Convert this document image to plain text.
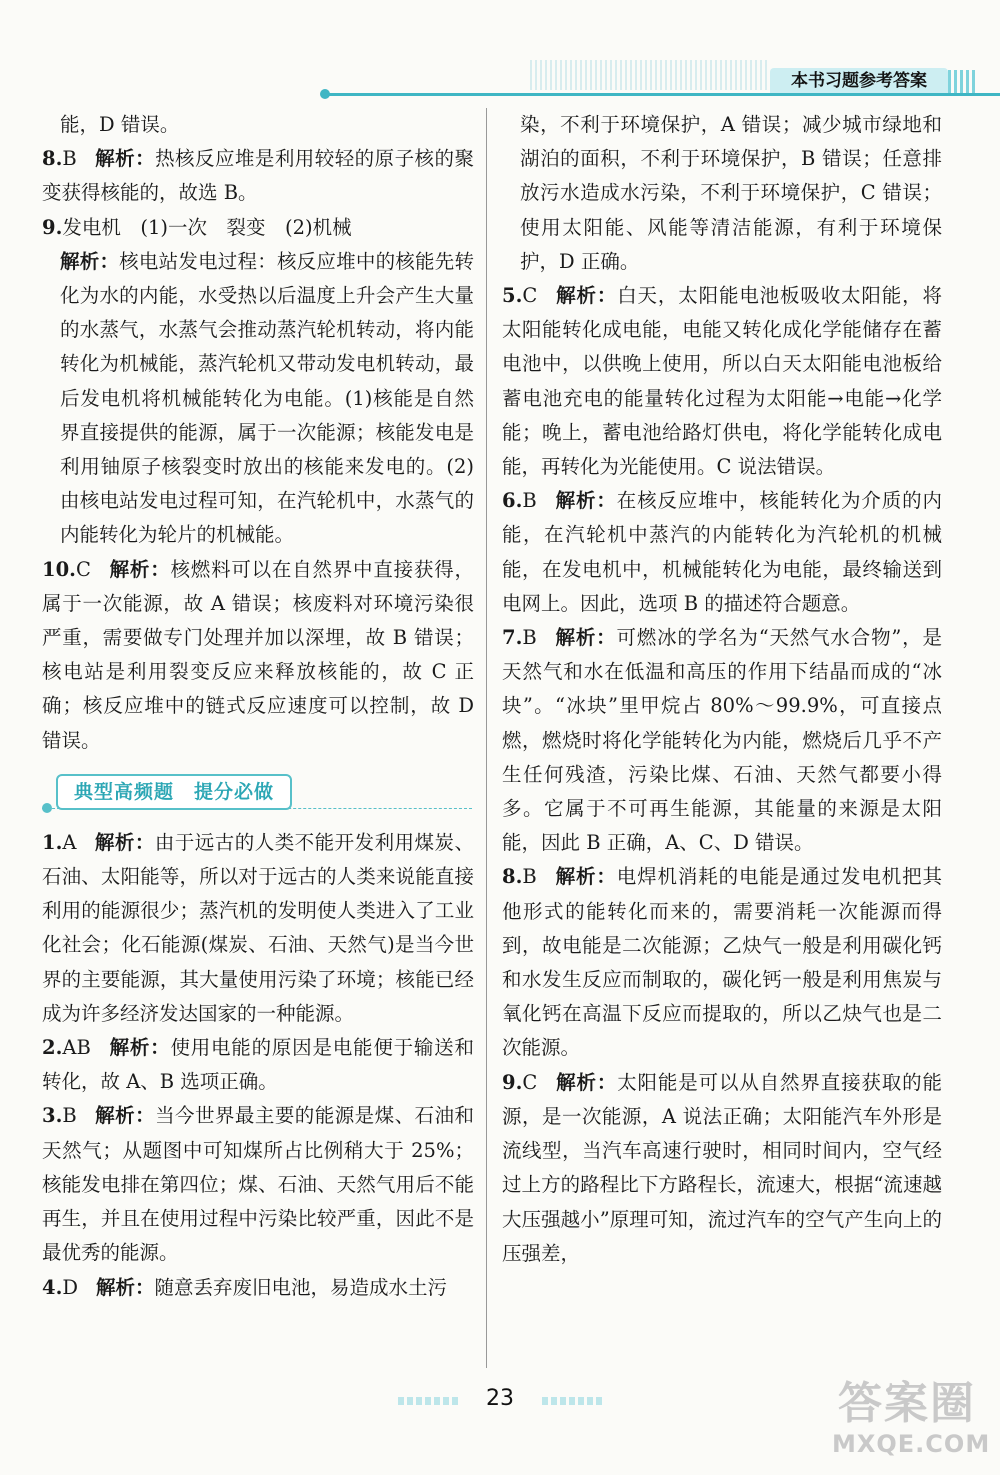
本书习题参考答案

能，D 错误。

8.B 解析：热核反应堆是利用较轻的原子核的聚变获得核能的，故选 B。

9.发电机　(1)一次　裂变　(2)机械

解析：核电站发电过程：核反应堆中的核能先转化为水的内能，水受热以后温度上升会产生大量的水蒸气，水蒸气会推动蒸汽轮机转动，将内能转化为机械能，蒸汽轮机又带动发电机转动，最后发电机将机械能转化为电能。(1)核能是自然界直接提供的能源，属于一次能源；核能发电是利用铀原子核裂变时放出的核能来发电的。(2)由核电站发电过程可知，在汽轮机中，水蒸气的内能转化为轮片的机械能。

10.C 解析：核燃料可以在自然界中直接获得，属于一次能源，故 A 错误；核废料对环境污染很严重，需要做专门处理并加以深埋，故 B 错误；核电站是利用裂变反应来释放核能的，故 C 正确；核反应堆中的链式反应速度可以控制，故 D 错误。

典型高频题　提分必做

1.A 解析：由于远古的人类不能开发利用煤炭、石油、太阳能等，所以对于远古的人类来说能直接利用的能源很少；蒸汽机的发明使人类进入了工业化社会；化石能源(煤炭、石油、天然气)是当今世界的主要能源，其大量使用污染了环境；核能已经成为许多经济发达国家的一种能源。

2.AB 解析：使用电能的原因是电能便于输送和转化，故 A、B 选项正确。

3.B 解析：当今世界最主要的能源是煤、石油和天然气；从题图中可知煤所占比例稍大于 25%；核能发电排在第四位；煤、石油、天然气用后不能再生，并且在使用过程中污染比较严重，因此不是最优秀的能源。

4.D 解析：随意丢弃废旧电池，易造成水土污

染，不利于环境保护，A 错误；减少城市绿地和湖泊的面积，不利于环境保护，B 错误；任意排放污水造成水污染，不利于环境保护，C 错误；使用太阳能、风能等清洁能源，有利于环境保护，D 正确。

5.C 解析：白天，太阳能电池板吸收太阳能，将太阳能转化成电能，电能又转化成化学能储存在蓄电池中，以供晚上使用，所以白天太阳能电池板给蓄电池充电的能量转化过程为太阳能→电能→化学能；晚上，蓄电池给路灯供电，将化学能转化成电能，再转化为光能使用。C 说法错误。

6.B 解析：在核反应堆中，核能转化为介质的内能，在汽轮机中蒸汽的内能转化为汽轮机的机械能，在发电机中，机械能转化为电能，最终输送到电网上。因此，选项 B 的描述符合题意。

7.B 解析：可燃冰的学名为“天然气水合物”，是天然气和水在低温和高压的作用下结晶而成的“冰块”。“冰块”里甲烷占 80%～99.9%，可直接点燃，燃烧时将化学能转化为内能，燃烧后几乎不产生任何残渣，污染比煤、石油、天然气都要小得多。它属于不可再生能源，其能量的来源是太阳能，因此 B 正确，A、C、D 错误。

8.B 解析：电焊机消耗的电能是通过发电机把其他形式的能转化而来的，需要消耗一次能源而得到，故电能是二次能源；乙炔气一般是利用碳化钙和水发生反应而制取的，碳化钙一般是利用焦炭与氧化钙在高温下反应而提取的，所以乙炔气也是二次能源。

9.C 解析：太阳能是可以从自然界直接获取的能源，是一次能源，A 说法正确；太阳能汽车外形是流线型，当汽车高速行驶时，相同时间内，空气经过上方的路程比下方路程长，流速大，根据“流速越大压强越小”原理可知，流过汽车的空气产生向上的压强差，

23	答案圈
MXQE.COM
